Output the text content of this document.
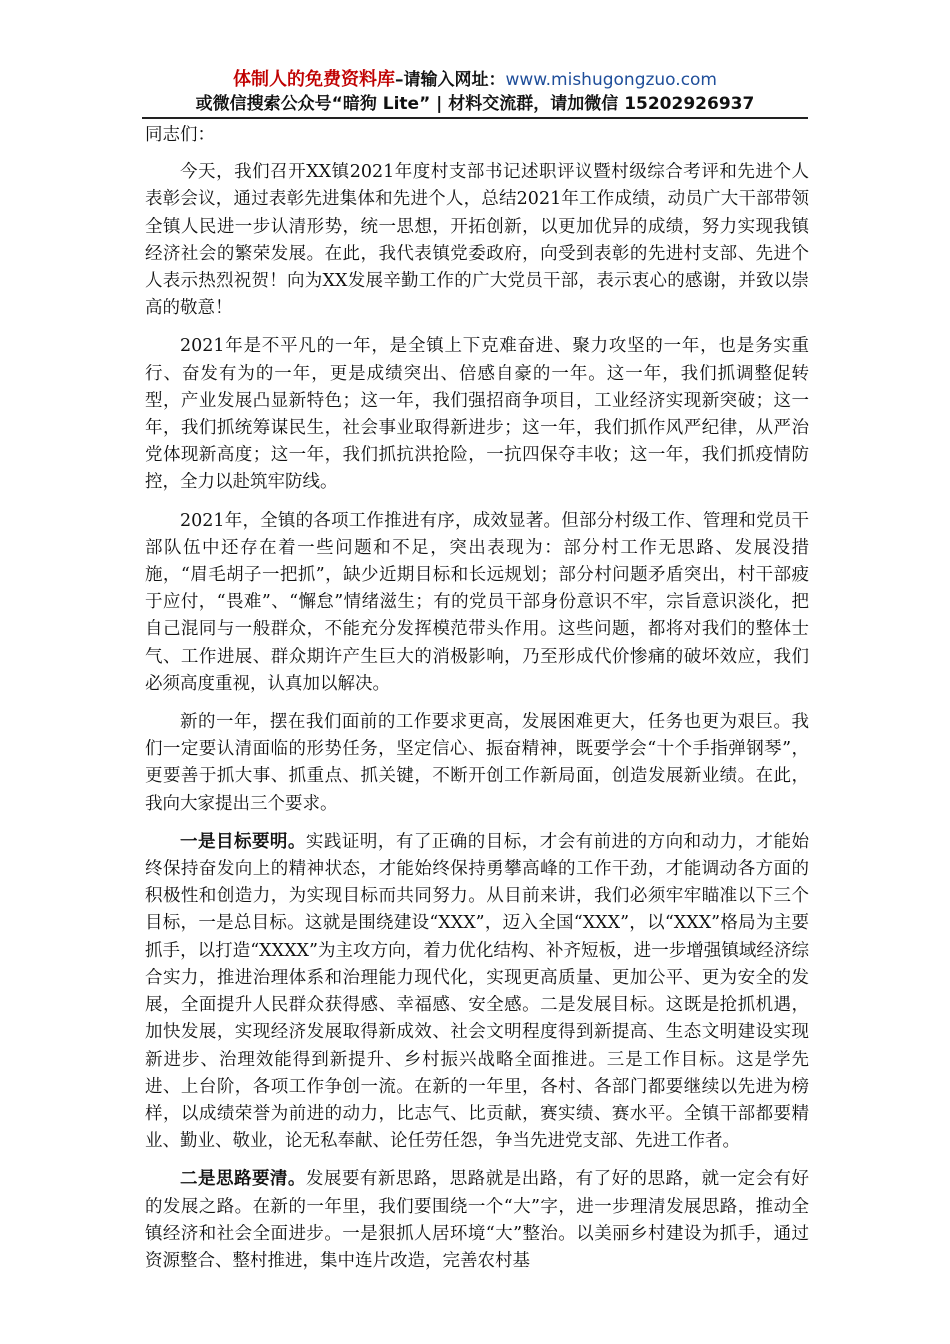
体制人的免费资料库–请输入网址：www.mishugongzuo.com
或微信搜索公众号“暗狗 Lite” | 材料交流群，请加微信 15202926937
同志们：

今天，我们召开XX镇2021年度村支部书记述职评议暨村级综合考评和先进个人表彰会议，通过表彰先进集体和先进个人，总结2021年工作成绩，动员广大干部带领全镇人民进一步认清形势，统一思想，开拓创新，以更加优异的成绩，努力实现我镇经济社会的繁荣发展。在此，我代表镇党委政府，向受到表彰的先进村支部、先进个人表示热烈祝贺！向为XX发展辛勤工作的广大党员干部，表示衷心的感谢，并致以崇高的敬意！

2021年是不平凡的一年，是全镇上下克难奋进、聚力攻坚的一年，也是务实重行、奋发有为的一年，更是成绩突出、倍感自豪的一年。这一年，我们抓调整促转型，产业发展凸显新特色；这一年，我们强招商争项目，工业经济实现新突破；这一年，我们抓统筹谋民生，社会事业取得新进步；这一年，我们抓作风严纪律，从严治党体现新高度；这一年，我们抓抗洪抢险，一抗四保夺丰收；这一年，我们抓疫情防控，全力以赴筑牢防线。

2021年，全镇的各项工作推进有序，成效显著。但部分村级工作、管理和党员干部队伍中还存在着一些问题和不足，突出表现为：部分村工作无思路、发展没措施，“眉毛胡子一把抓”，缺少近期目标和长远规划；部分村问题矛盾突出，村干部疲于应付，“畏难”、“懈怠”情绪滋生；有的党员干部身份意识不牢，宗旨意识淡化，把自己混同与一般群众，不能充分发挥模范带头作用。这些问题，都将对我们的整体士气、工作进展、群众期许产生巨大的消极影响，乃至形成代价惨痛的破坏效应，我们必须高度重视，认真加以解决。

新的一年，摆在我们面前的工作要求更高，发展困难更大，任务也更为艰巨。我们一定要认清面临的形势任务，坚定信心、振奋精神，既要学会“十个手指弹钢琴”，更要善于抓大事、抓重点、抓关键，不断开创工作新局面，创造发展新业绩。在此，我向大家提出三个要求。

一是目标要明。实践证明，有了正确的目标，才会有前进的方向和动力，才能始终保持奋发向上的精神状态，才能始终保持勇攀高峰的工作干劲，才能调动各方面的积极性和创造力，为实现目标而共同努力。从目前来讲，我们必须牢牢瞄准以下三个目标，一是总目标。这就是围绕建设“XXX”，迈入全国“XXX”，以“XXX”格局为主要抓手，以打造“XXXX”为主攻方向，着力优化结构、补齐短板，进一步增强镇域经济综合实力，推进治理体系和治理能力现代化，实现更高质量、更加公平、更为安全的发展，全面提升人民群众获得感、幸福感、安全感。二是发展目标。这既是抢抓机遇，加快发展，实现经济发展取得新成效、社会文明程度得到新提高、生态文明建设实现新进步、治理效能得到新提升、乡村振兴战略全面推进。三是工作目标。这是学先进、上台阶，各项工作争创一流。在新的一年里，各村、各部门都要继续以先进为榜样，以成绩荣誉为前进的动力，比志气、比贡献，赛实绩、赛水平。全镇干部都要精业、勤业、敬业，论无私奉献、论任劳任怨，争当先进党支部、先进工作者。

二是思路要清。发展要有新思路，思路就是出路，有了好的思路，就一定会有好的发展之路。在新的一年里，我们要围绕一个“大”字，进一步理清发展思路，推动全镇经济和社会全面进步。一是狠抓人居环境“大”整治。以美丽乡村建设为抓手，通过资源整合、整村推进，集中连片改造，完善农村基
